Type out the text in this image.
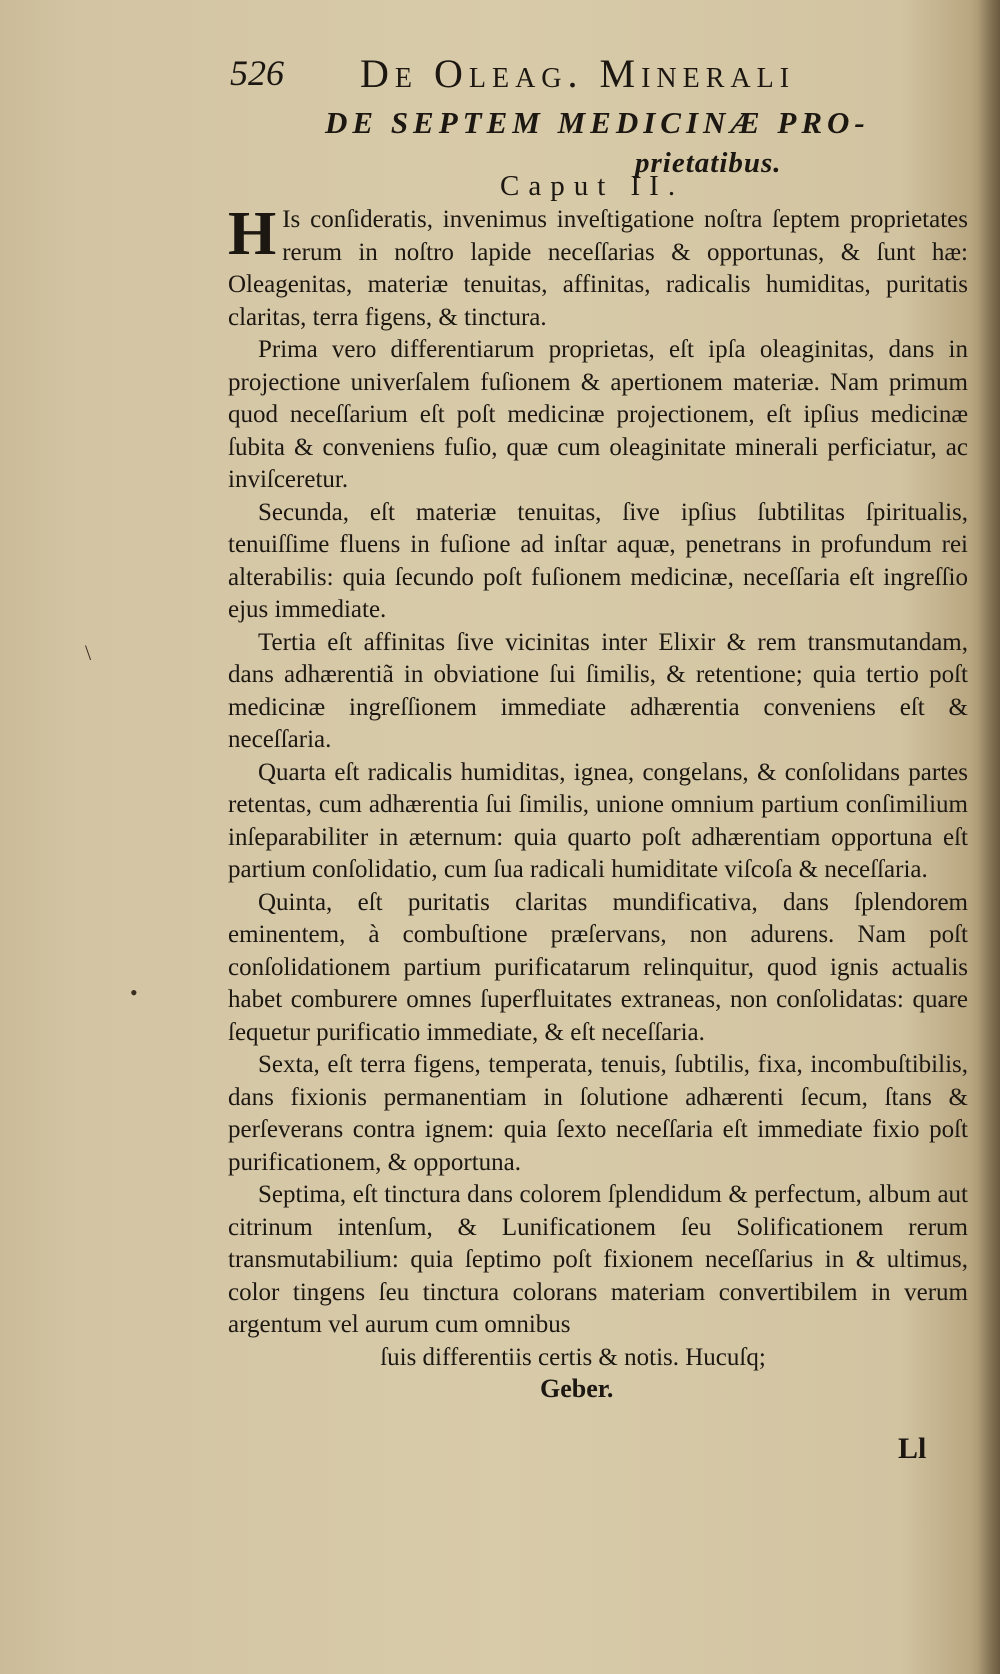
526 De Oleag. Minerali
DE SEPTEM MEDICINÆ PRO-
prietatibus.
Caput II.

H Is conſideratis, invenimus inveſtigatione noſtra ſeptem proprietates rerum in noſtro lapide neceſſarias & opportunas, & ſunt hæ: Oleagenitas, materiæ tenuitas, affinitas, radicalis humiditas, puritatis claritas, terra figens, & tinctura.

Prima vero differentiarum proprietas, eſt ipſa oleaginitas, dans in projectione univerſalem fuſionem & apertionem materiæ. Nam primum quod neceſſarium eſt poſt medicinæ projectionem, eſt ipſius medicinæ ſubita & conveniens fuſio, quæ cum oleaginitate minerali perficiatur, ac inviſceretur.

Secunda, eſt materiæ tenuitas, ſive ipſius ſubtilitas ſpiritualis, tenuiſſime fluens in fuſione ad inſtar aquæ, penetrans in profundum rei alterabilis: quia ſecundo poſt fuſionem medicinæ, neceſſaria eſt ingreſſio ejus immediate.

Tertia eſt affinitas ſive vicinitas inter Elixir & rem transmutandam, dans adhærentiã in obviatione ſui ſimilis, & retentione; quia tertio poſt medicinæ ingreſſionem immediate adhærentia conveniens eſt & neceſſaria.

Quarta eſt radicalis humiditas, ignea, congelans, & conſolidans partes retentas, cum adhærentia ſui ſimilis, unione omnium partium conſimilium inſeparabiliter in æternum: quia quarto poſt adhærentiam opportuna eſt partium conſolidatio, cum ſua radicali humiditate viſcoſa & neceſſaria.

Quinta, eſt puritatis claritas mundificativa, dans ſplendorem eminentem, à combuſtione præſervans, non adurens. Nam poſt conſolidationem partium purificatarum relinquitur, quod ignis actualis habet comburere omnes ſuperfluitates extraneas, non conſolidatas: quare ſequetur purificatio immediate, & eſt neceſſaria.

Sexta, eſt terra figens, temperata, tenuis, ſubtilis, fixa, incombuſtibilis, dans fixionis permanentiam in ſolutione adhærenti ſecum, ſtans & perſeverans contra ignem: quia ſexto neceſſaria eſt immediate fixio poſt purificationem, & opportuna.

Septima, eſt tinctura dans colorem ſplendidum & perfectum, album aut citrinum intenſum, & Lunificationem ſeu Solificationem rerum transmutabilium: quia ſeptimo poſt fixionem neceſſarius in & ultimus, color tingens ſeu tinctura colorans materiam convertibilem in verum argentum vel aurum cum omnibus

ſuis differentiis certis & notis. Hucuſq;

Geber.
Ll
\
•
